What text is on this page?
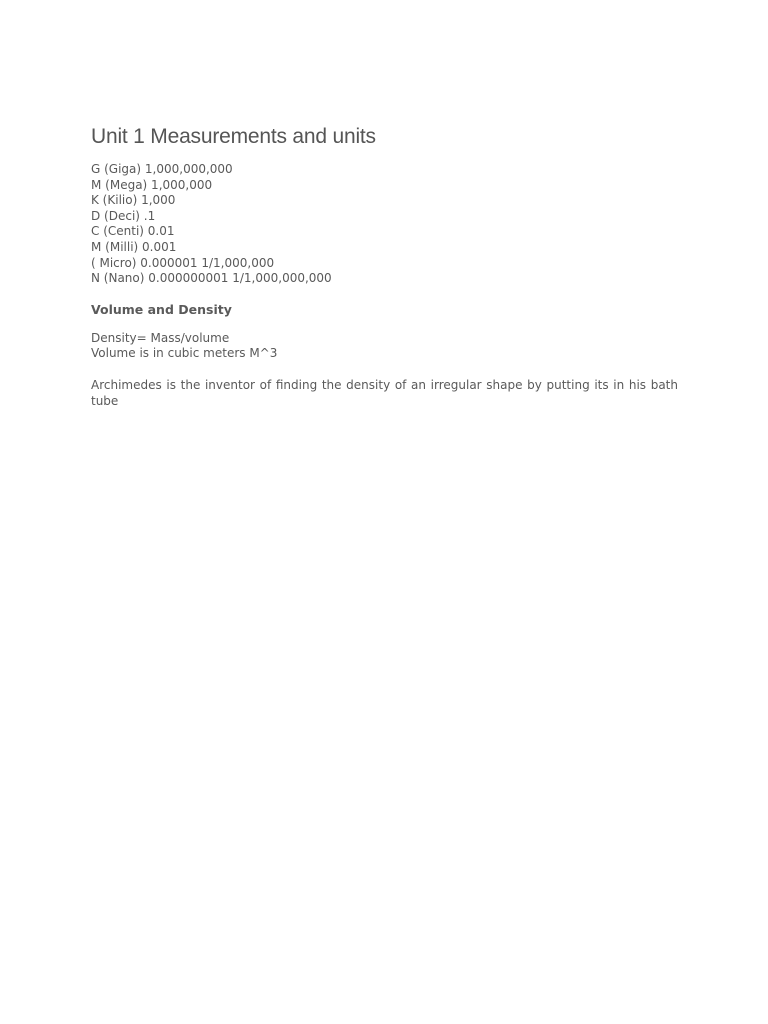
Unit 1 Measurements and units
G (Giga) 1,000,000,000
M (Mega) 1,000,000
K (Kilio) 1,000
D (Deci) .1
C (Centi) 0.01
M (Milli) 0.001
( Micro) 0.000001 1/1,000,000
N (Nano) 0.000000001 1/1,000,000,000
Volume and Density

Density= Mass/volume

Volume is in cubic meters M^3

Archimedes is the inventor of finding the density of an irregular shape by putting its in his bath tube
